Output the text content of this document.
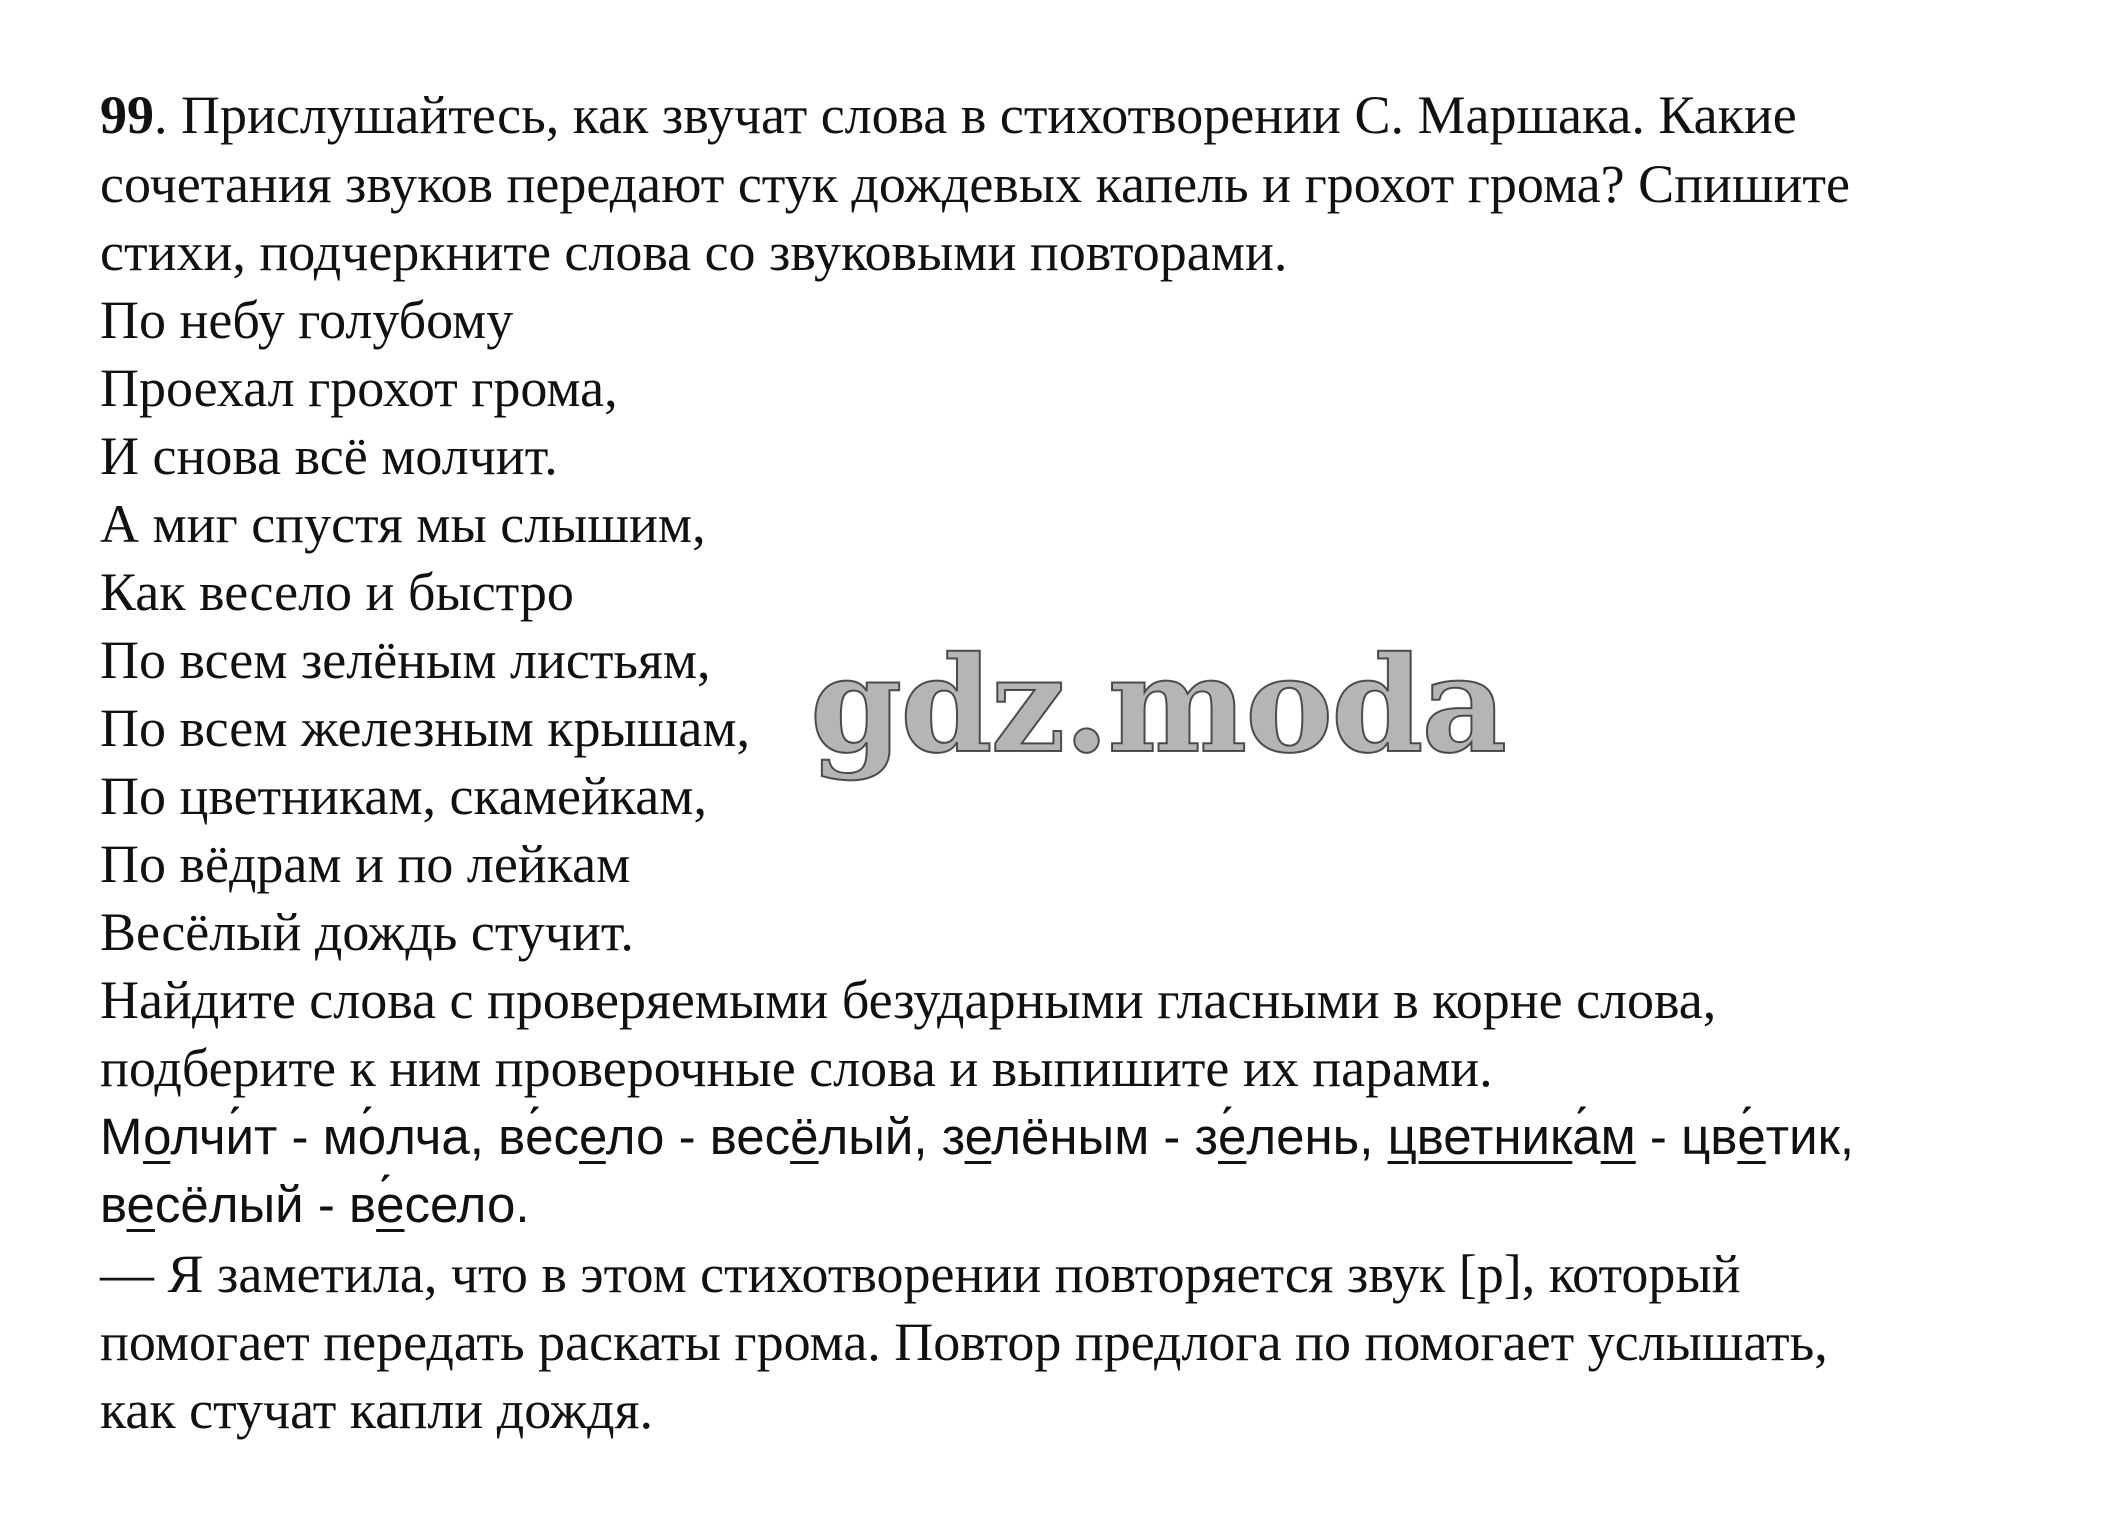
99. Прислушайтесь, как звучат слова в стихотворении С. Маршака. Какие
сочетания звуков передают стук дождевых капель и грохот грома? Спишите
стихи, подчеркните слова со звуковыми повторами.
По небу голубому
Проехал грохот грома,
И снова всё молчит.
А миг спустя мы слышим,
Как весело и быстро
По всем зелёным листьям,
По всем железным крышам,
По цветникам, скамейкам,
По вёдрам и по лейкам
Весёлый дождь стучит.
Найдите слова с проверяемыми безударными гласными в корне слова,
подберите к ним проверочные слова и выпишите их парами.
Молчи ́т - мо ́лча, ве ́село - весёлый, зелёным - зе ́лень, цветника ́м - цве ́тик,
весёлый - ве ́село.
— Я заметила, что в этом стихотворении повторяется звук [р], который
помогает передать раскаты грома. Повтор предлога по помогает услышать,
как стучат капли дождя.
gdz.moda
